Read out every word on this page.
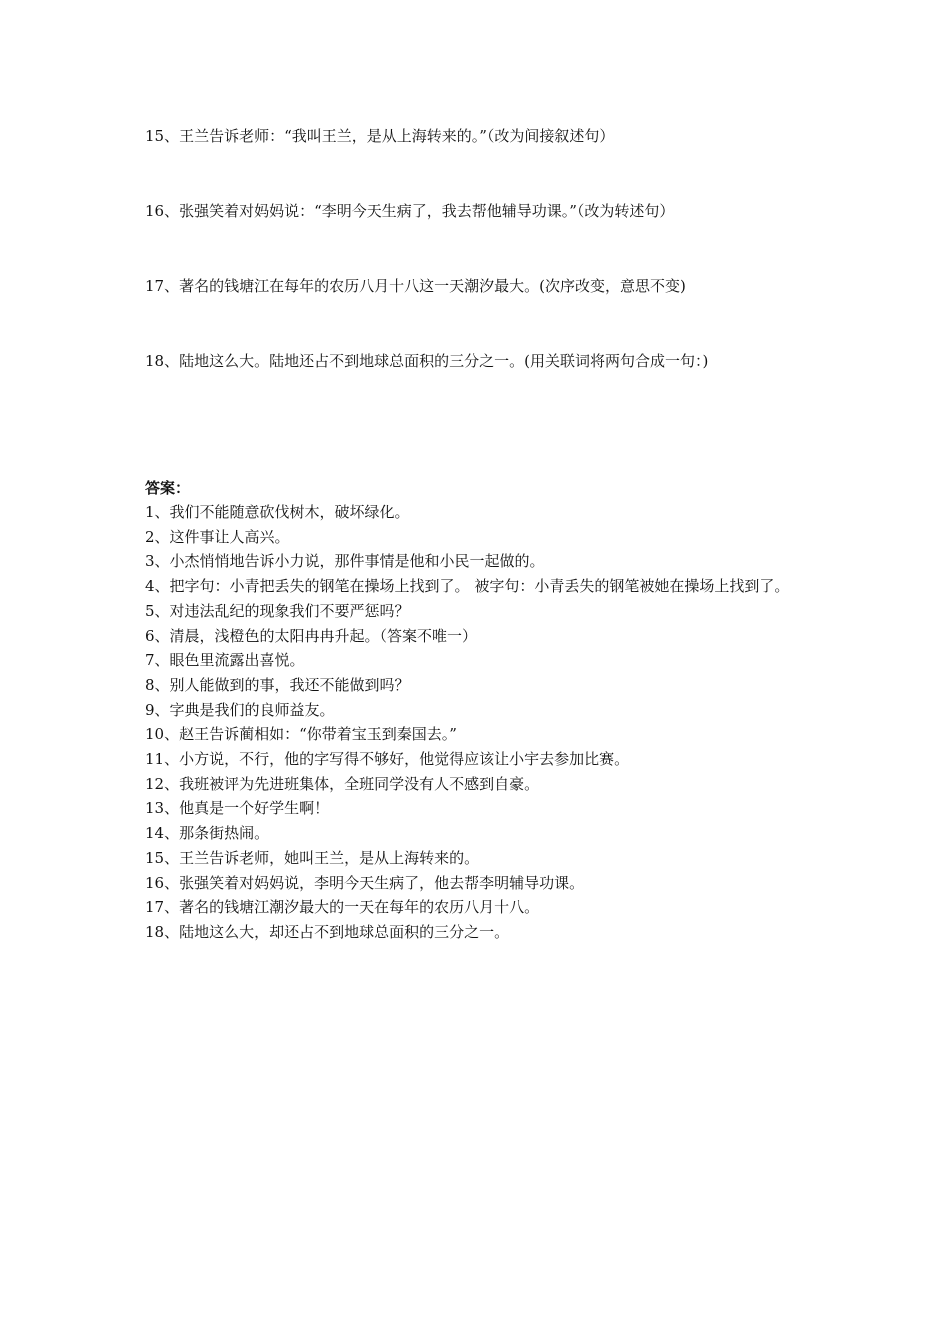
15、王兰告诉老师：“我叫王兰，是从上海转来的。”（改为间接叙述句）
16、张强笑着对妈妈说：“李明今天生病了，我去帮他辅导功课。”（改为转述句）
17、著名的钱塘江在每年的农历八月十八这一天潮汐最大。(次序改变，意思不变)
18、陆地这么大。陆地还占不到地球总面积的三分之一。(用关联词将两句合成一句：)
答案：
1、我们不能随意砍伐树木，破坏绿化。
2、这件事让人高兴。
3、小杰悄悄地告诉小力说，那件事情是他和小民一起做的。
4、把字句：小青把丢失的钢笔在操场上找到了。 被字句：小青丢失的钢笔被她在操场上找到了。
5、对违法乱纪的现象我们不要严惩吗？
6、清晨，浅橙色的太阳冉冉升起。（答案不唯一）
7、眼色里流露出喜悦。
8、别人能做到的事，我还不能做到吗？
9、字典是我们的良师益友。
10、赵王告诉蔺相如：“你带着宝玉到秦国去。”
11、小方说，不行，他的字写得不够好，他觉得应该让小宇去参加比赛。
12、我班被评为先进班集体，全班同学没有人不感到自豪。
13、他真是一个好学生啊！
14、那条街热闹。
15、王兰告诉老师，她叫王兰，是从上海转来的。
16、张强笑着对妈妈说，李明今天生病了，他去帮李明辅导功课。
17、著名的钱塘江潮汐最大的一天在每年的农历八月十八。
18、陆地这么大，却还占不到地球总面积的三分之一。
